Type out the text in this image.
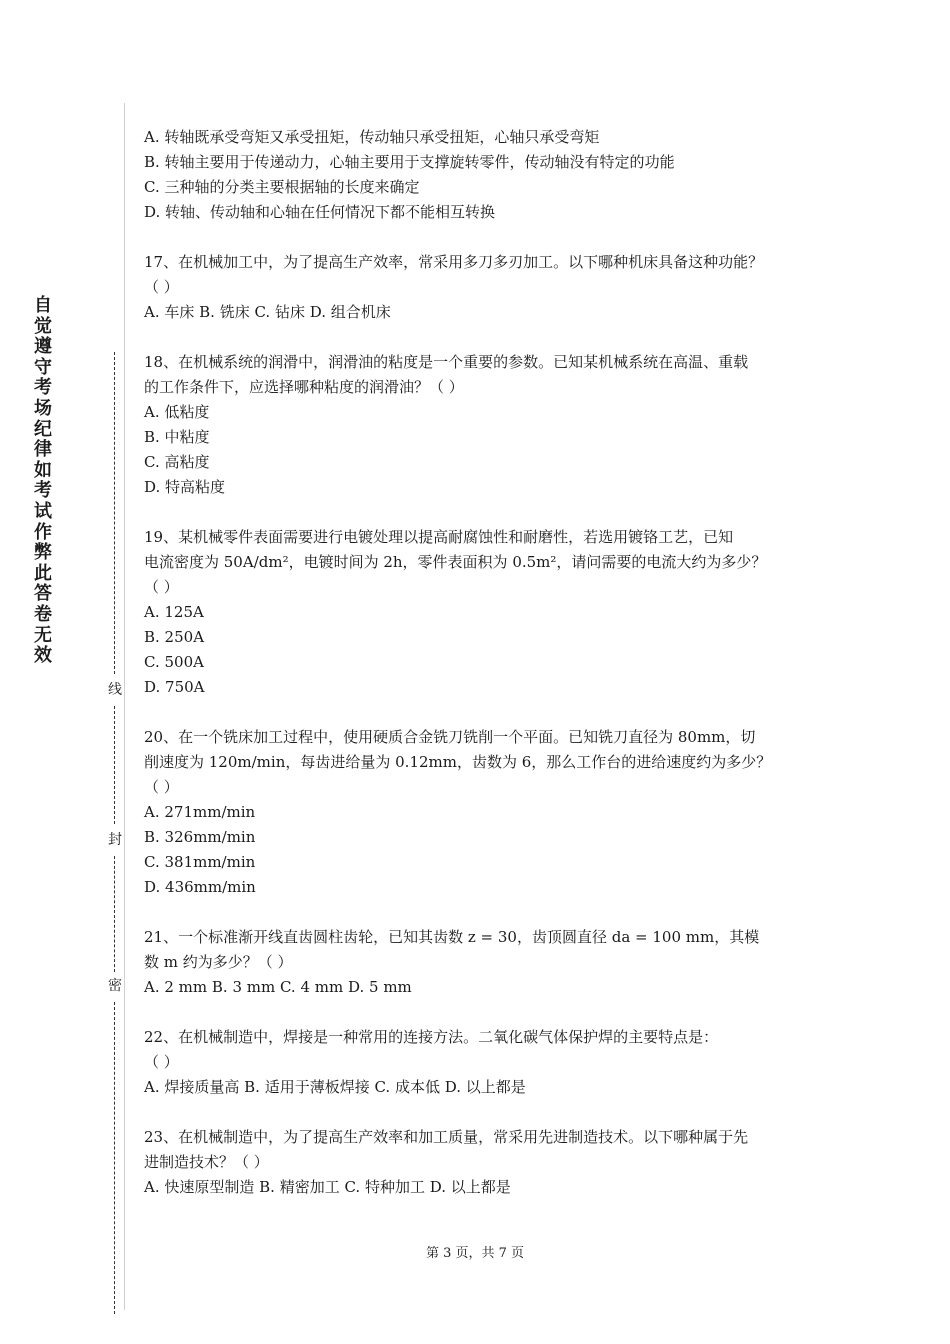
自
觉
遵
守
考
场
纪
律
如
考
试
作
弊
此
答
卷
无
效
线
封
密
A. 转轴既承受弯矩又承受扭矩，传动轴只承受扭矩，心轴只承受弯矩
B. 转轴主要用于传递动力，心轴主要用于支撑旋转零件，传动轴没有特定的功能
C. 三种轴的分类主要根据轴的长度来确定
D. 转轴、传动轴和心轴在任何情况下都不能相互转换
17、在机械加工中，为了提高生产效率，常采用多刀多刃加工。以下哪种机床具备这种功能？
（ ）
A. 车床 B. 铣床 C. 钻床 D. 组合机床
18、在机械系统的润滑中，润滑油的粘度是一个重要的参数。已知某机械系统在高温、重载
的工作条件下，应选择哪种粘度的润滑油？（ ）
A. 低粘度
B. 中粘度
C. 高粘度
D. 特高粘度
19、某机械零件表面需要进行电镀处理以提高耐腐蚀性和耐磨性，若选用镀铬工艺，已知
电流密度为 50A/dm²，电镀时间为 2h，零件表面积为 0.5m²，请问需要的电流大约为多少？
（ ）
A. 125A
B. 250A
C. 500A
D. 750A
20、在一个铣床加工过程中，使用硬质合金铣刀铣削一个平面。已知铣刀直径为 80mm，切
削速度为 120m/min，每齿进给量为 0.12mm，齿数为 6，那么工作台的进给速度约为多少？
（ ）
A. 271mm/min
B. 326mm/min
C. 381mm/min
D. 436mm/min
21、一个标准渐开线直齿圆柱齿轮，已知其齿数 z = 30，齿顶圆直径 da = 100 mm，其模
数 m 约为多少？（ ）
A. 2 mm B. 3 mm C. 4 mm D. 5 mm
22、在机械制造中，焊接是一种常用的连接方法。二氧化碳气体保护焊的主要特点是：
（ ）
A. 焊接质量高 B. 适用于薄板焊接 C. 成本低 D. 以上都是
23、在机械制造中，为了提高生产效率和加工质量，常采用先进制造技术。以下哪种属于先
进制造技术？（ ）
A. 快速原型制造 B. 精密加工 C. 特种加工 D. 以上都是
第 3 页，共 7 页
